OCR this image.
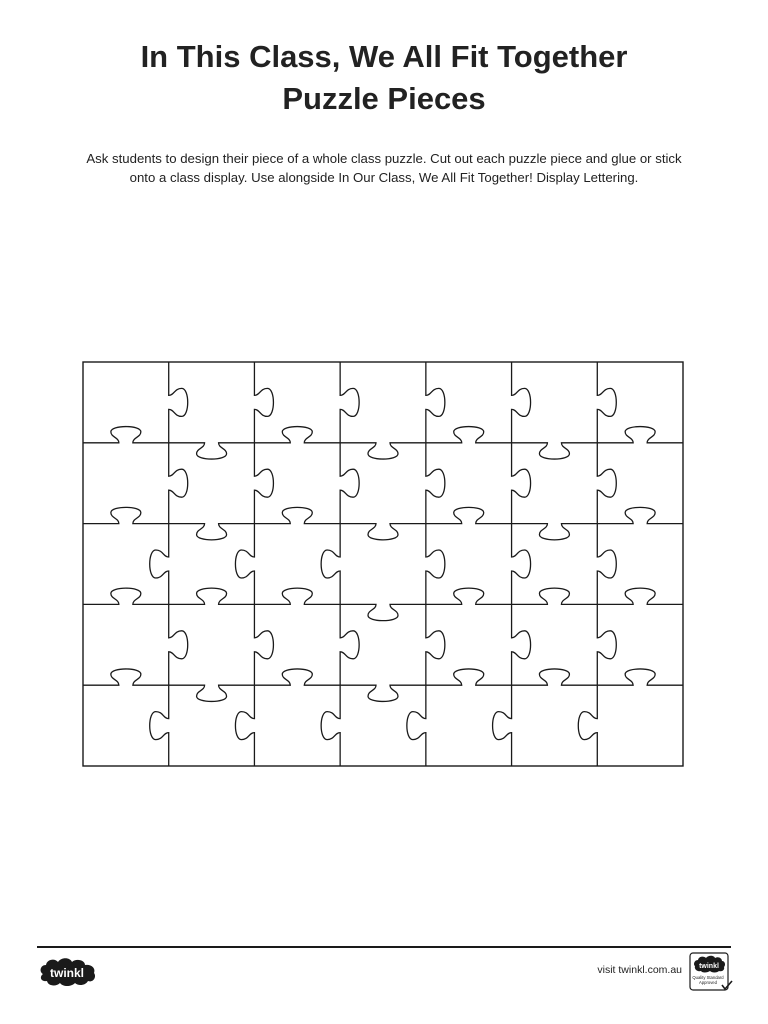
In This Class, We All Fit Together
Puzzle Pieces
Ask students to design their piece of a whole class puzzle. Cut out each puzzle piece and glue or stick
onto a class display. Use alongside In Our Class, We All Fit Together! Display Lettering.
twinkl	visit twinkl.com.au twinkl
Quality Standard
Approved
